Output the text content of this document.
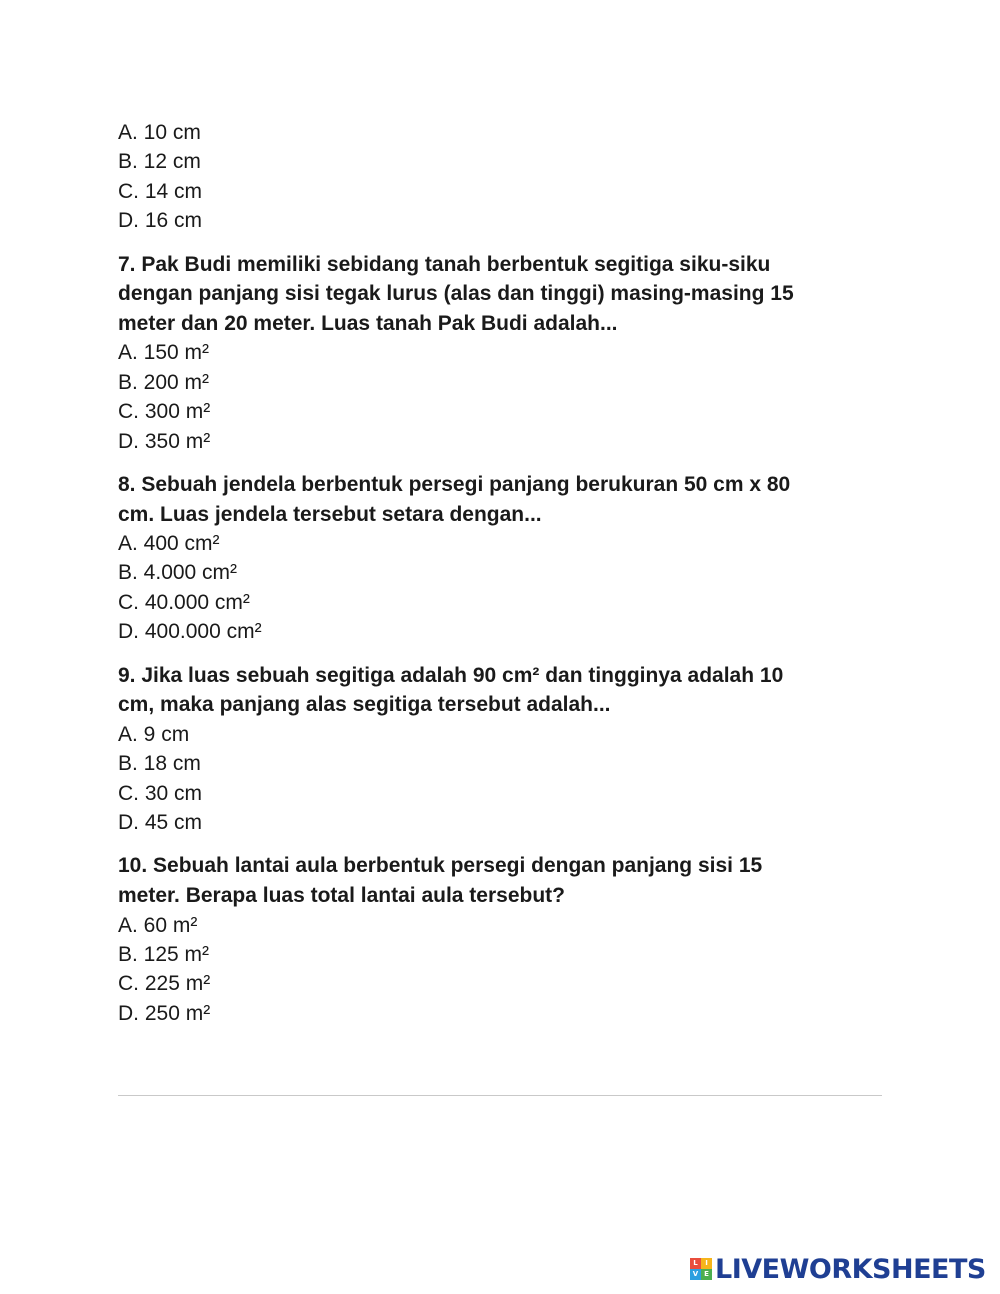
A. 10 cm
B. 12 cm
C. 14 cm
D. 16 cm
7. Pak Budi memiliki sebidang tanah berbentuk segitiga siku-siku
dengan panjang sisi tegak lurus (alas dan tinggi) masing-masing 15
meter dan 20 meter. Luas tanah Pak Budi adalah...
A. 150 m²
B. 200 m²
C. 300 m²
D. 350 m²
8. Sebuah jendela berbentuk persegi panjang berukuran 50 cm x 80
cm. Luas jendela tersebut setara dengan...
A. 400 cm²
B. 4.000 cm²
C. 40.000 cm²
D. 400.000 cm²
9. Jika luas sebuah segitiga adalah 90 cm² dan tingginya adalah 10
cm, maka panjang alas segitiga tersebut adalah...
A. 9 cm
B. 18 cm
C. 30 cm
D. 45 cm
10. Sebuah lantai aula berbentuk persegi dengan panjang sisi 15
meter. Berapa luas total lantai aula tersebut?
A. 60 m²
B. 125 m²
C. 225 m²
D. 250 m²
L	I
V E LIVEWORKSHEETS
